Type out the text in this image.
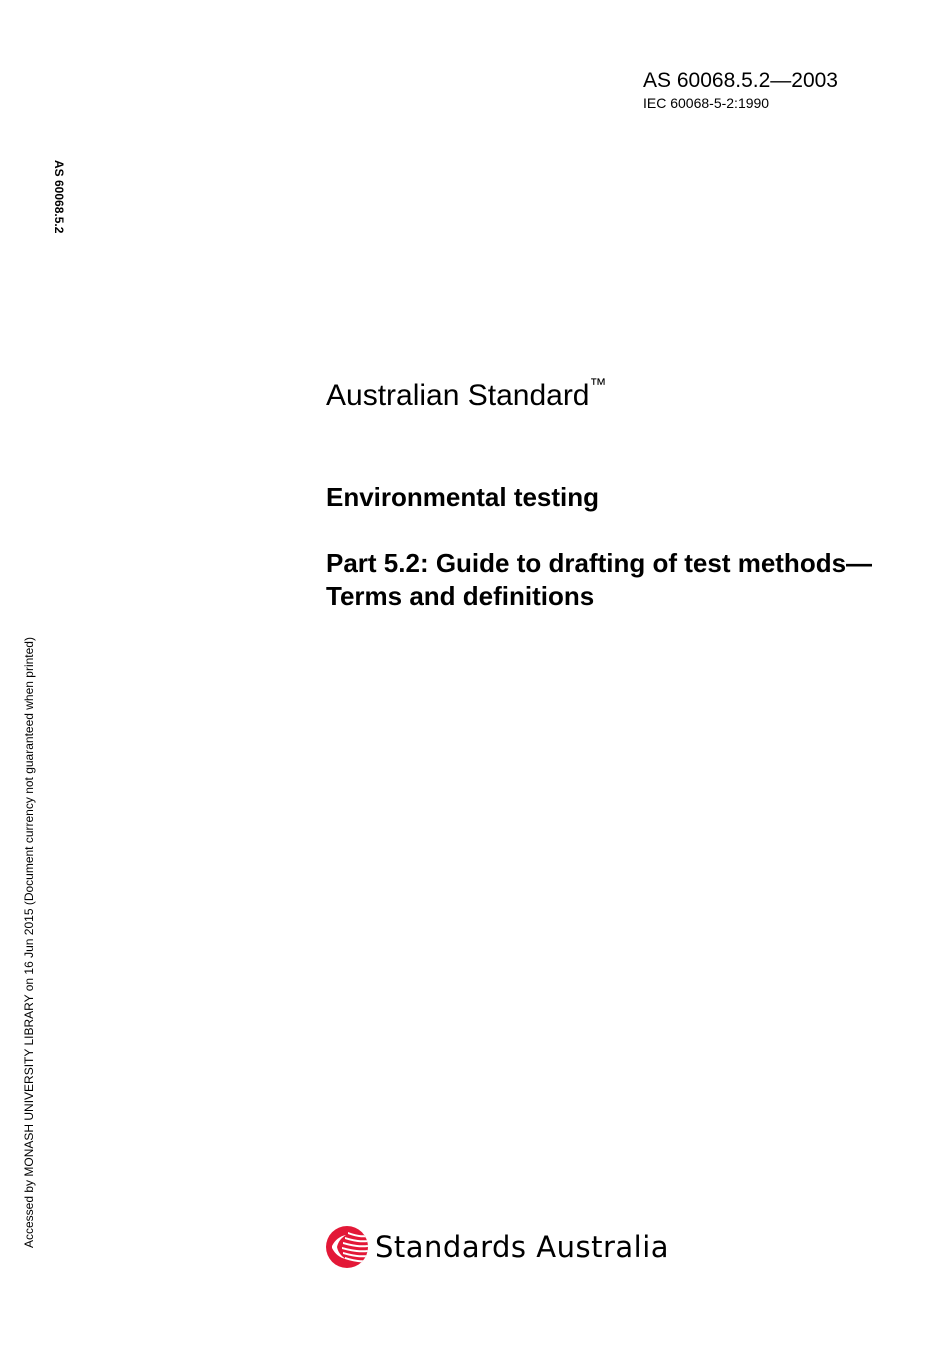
AS 60068.5.2—2003
IEC 60068-5-2:1990
AS 60068.5.2
Accessed by MONASH UNIVERSITY LIBRARY on 16 Jun 2015 (Document currency not guaranteed when printed)
Australian Standard™
Environmental testing
Part 5.2: Guide to drafting of test methods—Terms and definitions
Standards Australia
